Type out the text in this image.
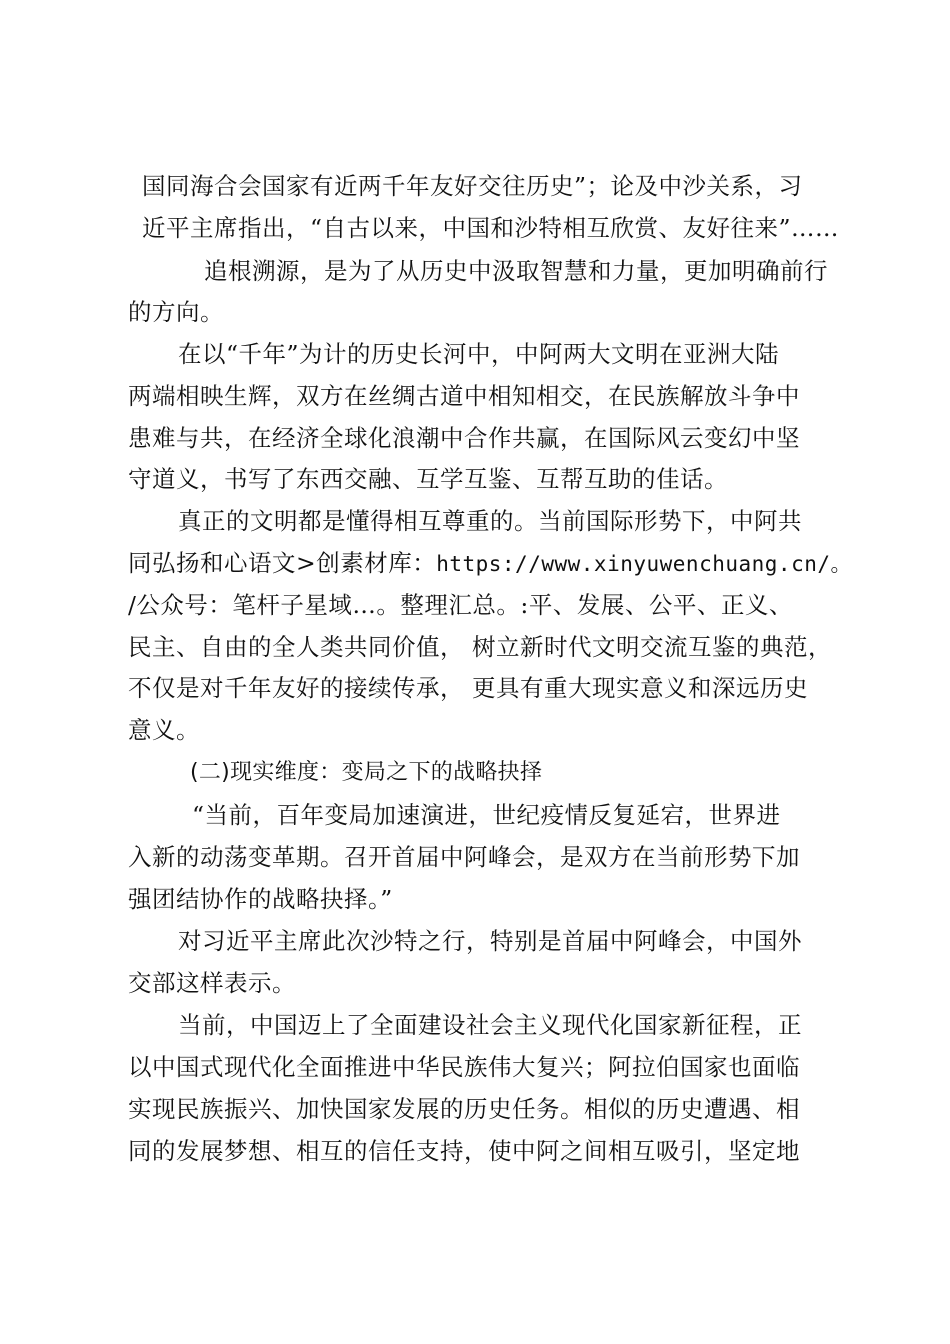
国同海合会国家有近两千年友好交往历史”；论及中沙关系，习
近平主席指出，“自古以来，中国和沙特相互欣赏、友好往来”……
追根溯源，是为了从历史中汲取智慧和力量，更加明确前行
的方向。
在以“千年”为计的历史长河中，中阿两大文明在亚洲大陆
两端相映生辉，双方在丝绸古道中相知相交，在民族解放斗争中
患难与共，在经济全球化浪潮中合作共赢，在国际风云变幻中坚
守道义，书写了东西交融、互学互鉴、互帮互助的佳话。
真正的文明都是懂得相互尊重的。当前国际形势下，中阿共
同弘扬和心语文>创素材库：https://www.xinyuwenchuang.cn/。
/公众号：笔杆子星域…。整理汇总。:平、发展、公平、正义、
民主、自由的全人类共同价值， 树立新时代文明交流互鉴的典范，
不仅是对千年友好的接续传承， 更具有重大现实意义和深远历史
意义。
(二)现实维度：变局之下的战略抉择
“当前，百年变局加速演进，世纪疫情反复延宕，世界进
入新的动荡变革期。召开首届中阿峰会，是双方在当前形势下加
强团结协作的战略抉择。”
对习近平主席此次沙特之行，特别是首届中阿峰会，中国外
交部这样表示。
当前，中国迈上了全面建设社会主义现代化国家新征程，正
以中国式现代化全面推进中华民族伟大复兴；阿拉伯国家也面临
实现民族振兴、加快国家发展的历史任务。相似的历史遭遇、相
同的发展梦想、相互的信任支持，使中阿之间相互吸引，坚定地
